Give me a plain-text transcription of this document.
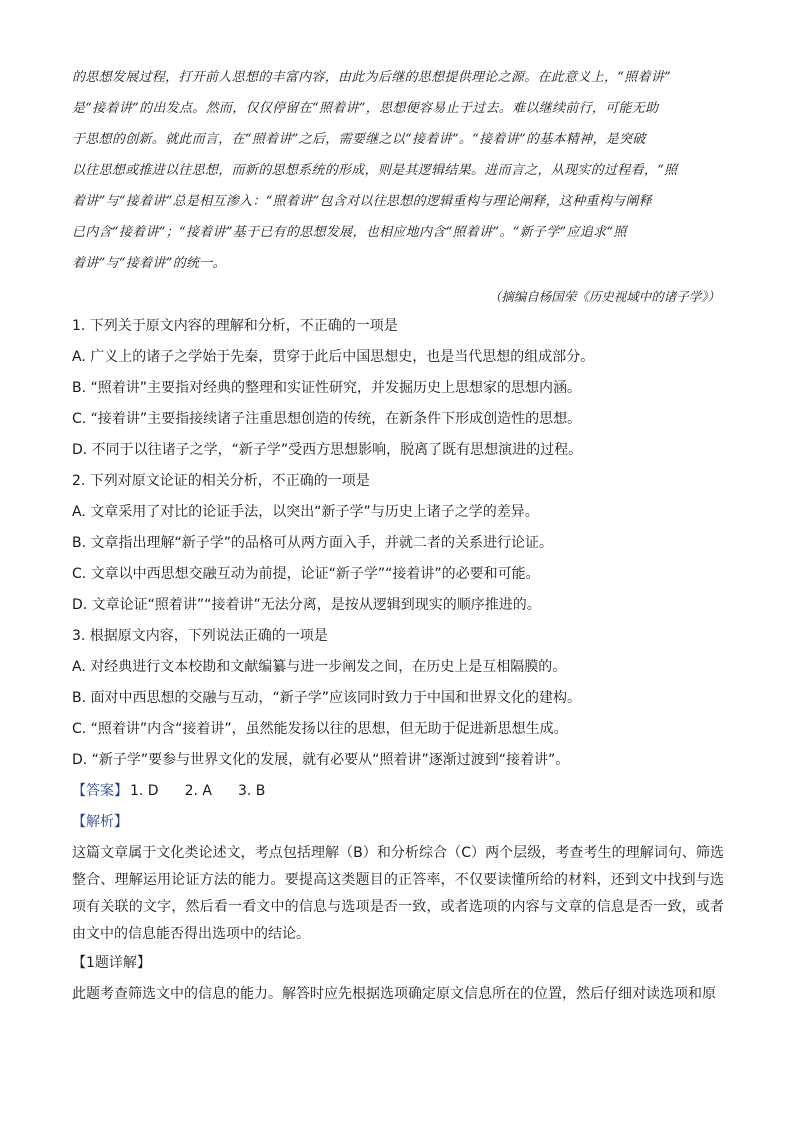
的思想发展过程，打开前人思想的丰富内容，由此为后继的思想提供理论之源。在此意义上，“照着讲”

是“接着讲”的出发点。然而，仅仅停留在“照着讲”，思想便容易止于过去。难以继续前行，可能无助

于思想的创新。就此而言，在“照着讲”之后，需要继之以“接着讲”。“接着讲”的基本精神，是突破

以往思想或推进以往思想，而新的思想系统的形成，则是其逻辑结果。进而言之，从现实的过程看，“照

着讲”与“接着讲”总是相互渗入：“照着讲”包含对以往思想的逻辑重构与理论阐释，这种重构与阐释

已内含“接着讲”；“接着讲”基于已有的思想发展，也相应地内含“照着讲”。“新子学”应追求“照

着讲”与“接着讲”的统一。

（摘编自杨国荣《历史视域中的诸子学》）
1. 下列关于原文内容的理解和分析，不正确的一项是
A. 广义上的诸子之学始于先秦，贯穿于此后中国思想史，也是当代思想的组成部分。
B. “照着讲”主要指对经典的整理和实证性研究，并发掘历史上思想家的思想内涵。
C. “接着讲”主要指接续诸子注重思想创造的传统，在新条件下形成创造性的思想。
D. 不同于以往诸子之学，“新子学”受西方思想影响，脱离了既有思想演进的过程。
2. 下列对原文论证的相关分析，不正确的一项是
A. 文章采用了对比的论证手法，以突出“新子学”与历史上诸子之学的差异。
B. 文章指出理解“新子学”的品格可从两方面入手，并就二者的关系进行论证。
C. 文章以中西思想交融互动为前提，论证“新子学”“接着讲”的必要和可能。
D. 文章论证“照着讲”“接着讲”无法分离，是按从逻辑到现实的顺序推进的。
3. 根据原文内容，下列说法正确的一项是
A. 对经典进行文本校勘和文献编纂与进一步阐发之间，在历史上是互相隔膜的。
B. 面对中西思想的交融与互动，“新子学”应该同时致力于中国和世界文化的建构。
C. “照着讲”内含“接着讲”，虽然能发扬以往的思想，但无助于促进新思想生成。
D. “新子学”要参与世界文化的发展，就有必要从“照着讲”逐渐过渡到“接着讲”。
【答案】 1. D 2. A 3. B
【解析】

这篇文章属于文化类论述文，考点包括理解（B）和分析综合（C）两个层级，考查考生的理解词句、筛选整合、理解运用论证方法的能力。要提高这类题目的正答率，不仅要读懂所给的材料，还到文中找到与选项有关联的文字，然后看一看文中的信息与选项是否一致，或者选项的内容与文章的信息是否一致，或者由文中的信息能否得出选项中的结论。

【1题详解】

此题考查筛选文中的信息的能力。解答时应先根据选项确定原文信息所在的位置，然后仔细对读选项和原
